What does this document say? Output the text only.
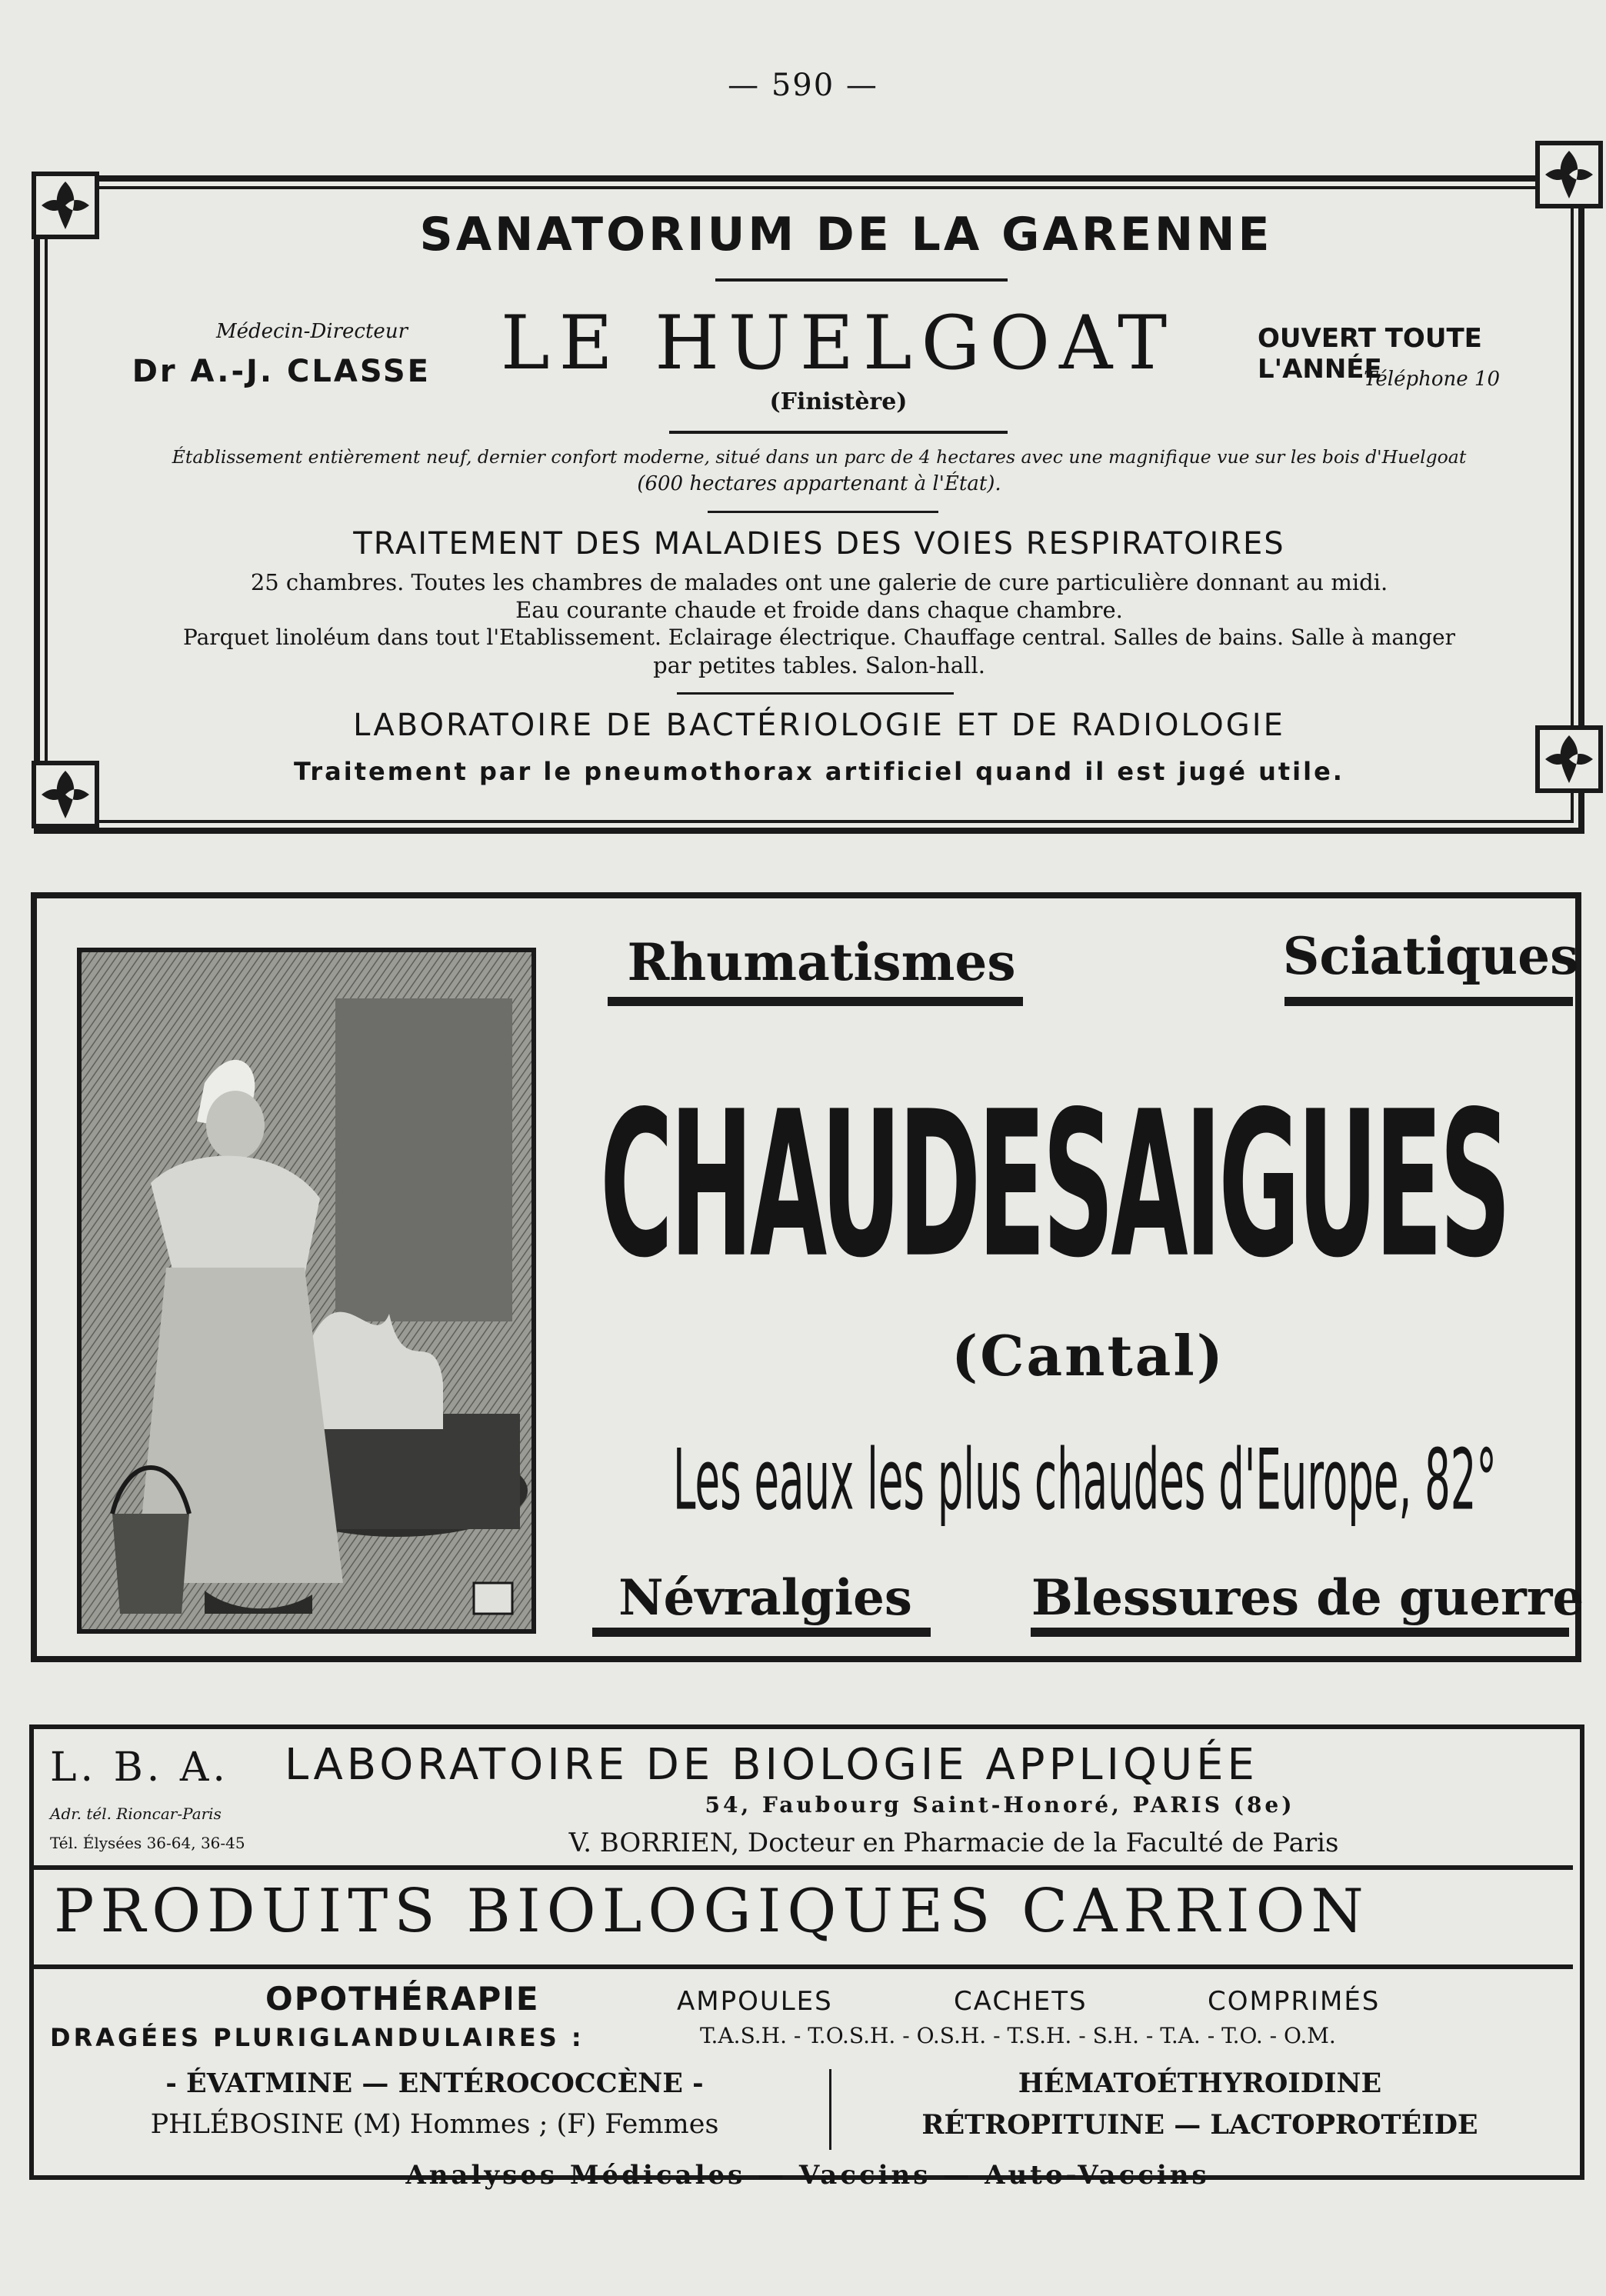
— 590 —
SANATORIUM DE LA GARENNE
Médecin-Directeur
Dr A.-J. CLASSE LE HUELGOAT
(Finistère)
OUVERT TOUTE L'ANNÉE
Téléphone 10
Établissement entièrement neuf, dernier confort moderne, situé dans un parc de 4 hectares avec une magnifique vue sur les bois d'Huelgoat
(600 hectares appartenant à l'État).
TRAITEMENT DES MALADIES DES VOIES RESPIRATOIRES
25 chambres. Toutes les chambres de malades ont une galerie de cure particulière donnant au midi.
Eau courante chaude et froide dans chaque chambre.
Parquet linoléum dans tout l'Etablissement. Eclairage électrique. Chauffage central. Salles de bains. Salle à manger
par petites tables. Salon-hall.
LABORATOIRE DE BACTÉRIOLOGIE ET DE RADIOLOGIE
Traitement par le pneumothorax artificiel quand il est jugé utile.
Rhumatismes	Sciatiques
CHAUDESAIGUES
(Cantal)
Les eaux les plus chaudes d'Europe, 82°
Névralgies	Blessures de guerre
L. B. A.	LABORATOIRE DE BIOLOGIE APPLIQUÉE
54, Faubourg Saint-Honoré, PARIS (8e)
Adr. tél. Rioncar-Paris
Tél. Élysées 36-64, 36-45	V. BORRIEN, Docteur en Pharmacie de la Faculté de Paris
PRODUITS BIOLOGIQUES CARRION
OPOTHÉRAPIE	AMPOULES	CACHETS	COMPRIMÉS
DRAGÉES PLURIGLANDULAIRES :	T.A.S.H. - T.O.S.H. - O.S.H. - T.S.H. - S.H. - T.A. - T.O. - O.M.
- ÉVATMINE — ENTÉROCOCCÈNE -
PHLÉBOSINE (M) Hommes ; (F) Femmes
HÉMATOÉTHYROIDINE
RÉTROPITUINE — LACTOPROTÉIDE
Analyses Médicales — Vaccins — Auto-Vaccins
